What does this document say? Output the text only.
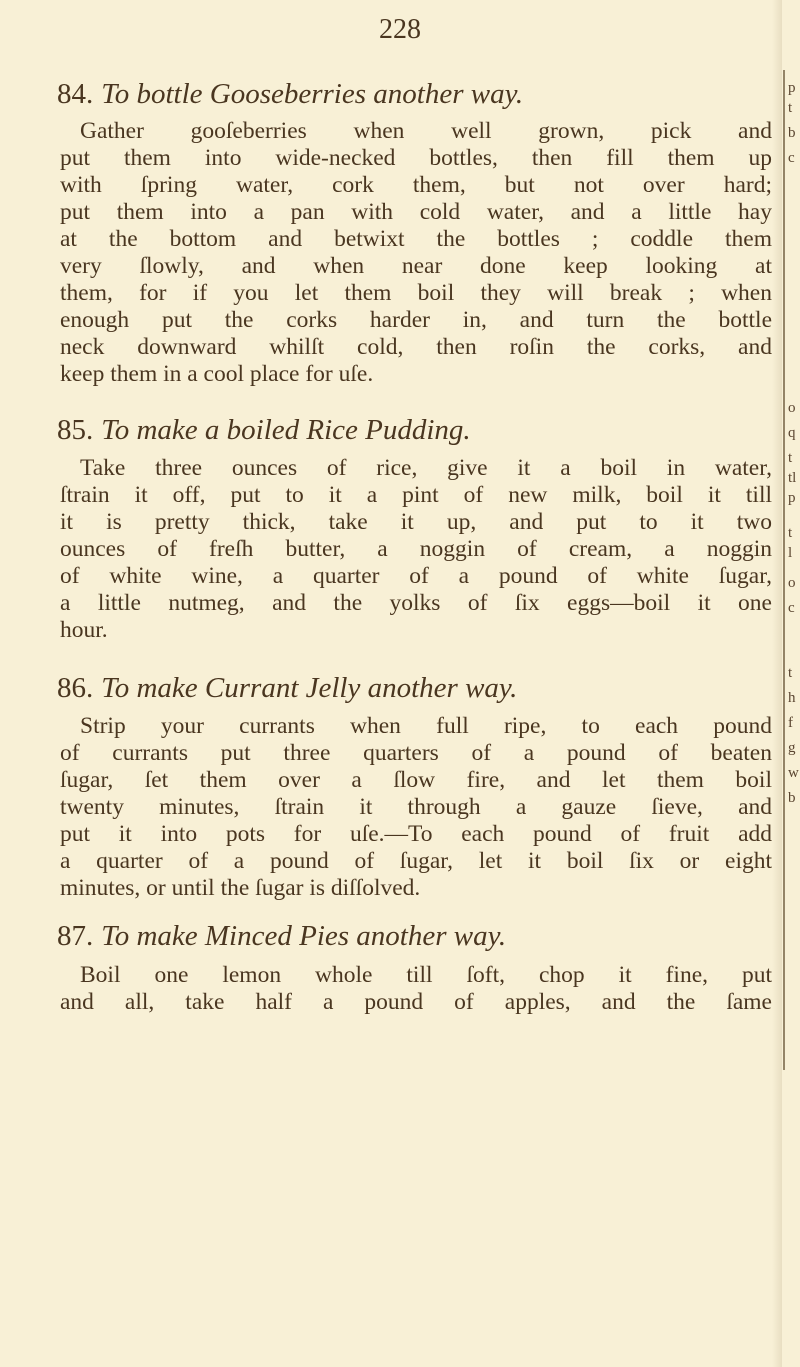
228
84. To bottle Gooseberries another way.
Gather gooſeberries when well grown, pick and
put them into wide-necked bottles, then fill them up
with ſpring water, cork them, but not over hard;
put them into a pan with cold water, and a little hay
at the bottom and betwixt the bottles ; coddle them
very ſlowly, and when near done keep looking at
them, for if you let them boil they will break ; when
enough put the corks harder in, and turn the bottle
neck downward whilſt cold, then roſin the corks, and
keep them in a cool place for uſe.
85. To make a boiled Rice Pudding.
Take three ounces of rice, give it a boil in water,
ſtrain it off, put to it a pint of new milk, boil it till
it is pretty thick, take it up, and put to it two
ounces of freſh butter, a noggin of cream, a noggin
of white wine, a quarter of a pound of white ſugar,
a little nutmeg, and the yolks of ſix eggs—boil it one
hour.
86. To make Currant Jelly another way.
Strip your currants when full ripe, to each pound
of currants put three quarters of a pound of beaten
ſugar, ſet them over a ſlow fire, and let them boil
twenty minutes, ſtrain it through a gauze ſieve, and
put it into pots for uſe.—To each pound of fruit add
a quarter of a pound of ſugar, let it boil ſix or eight
minutes, or until the ſugar is diſſolved.
87. To make Minced Pies another way.
Boil one lemon whole till ſoft, chop it fine, put
and all, take half a pound of apples, and the ſame
p
t
b
c
o
q
t
tl
p
t
l
o
c
t
h
f
g
w
b
